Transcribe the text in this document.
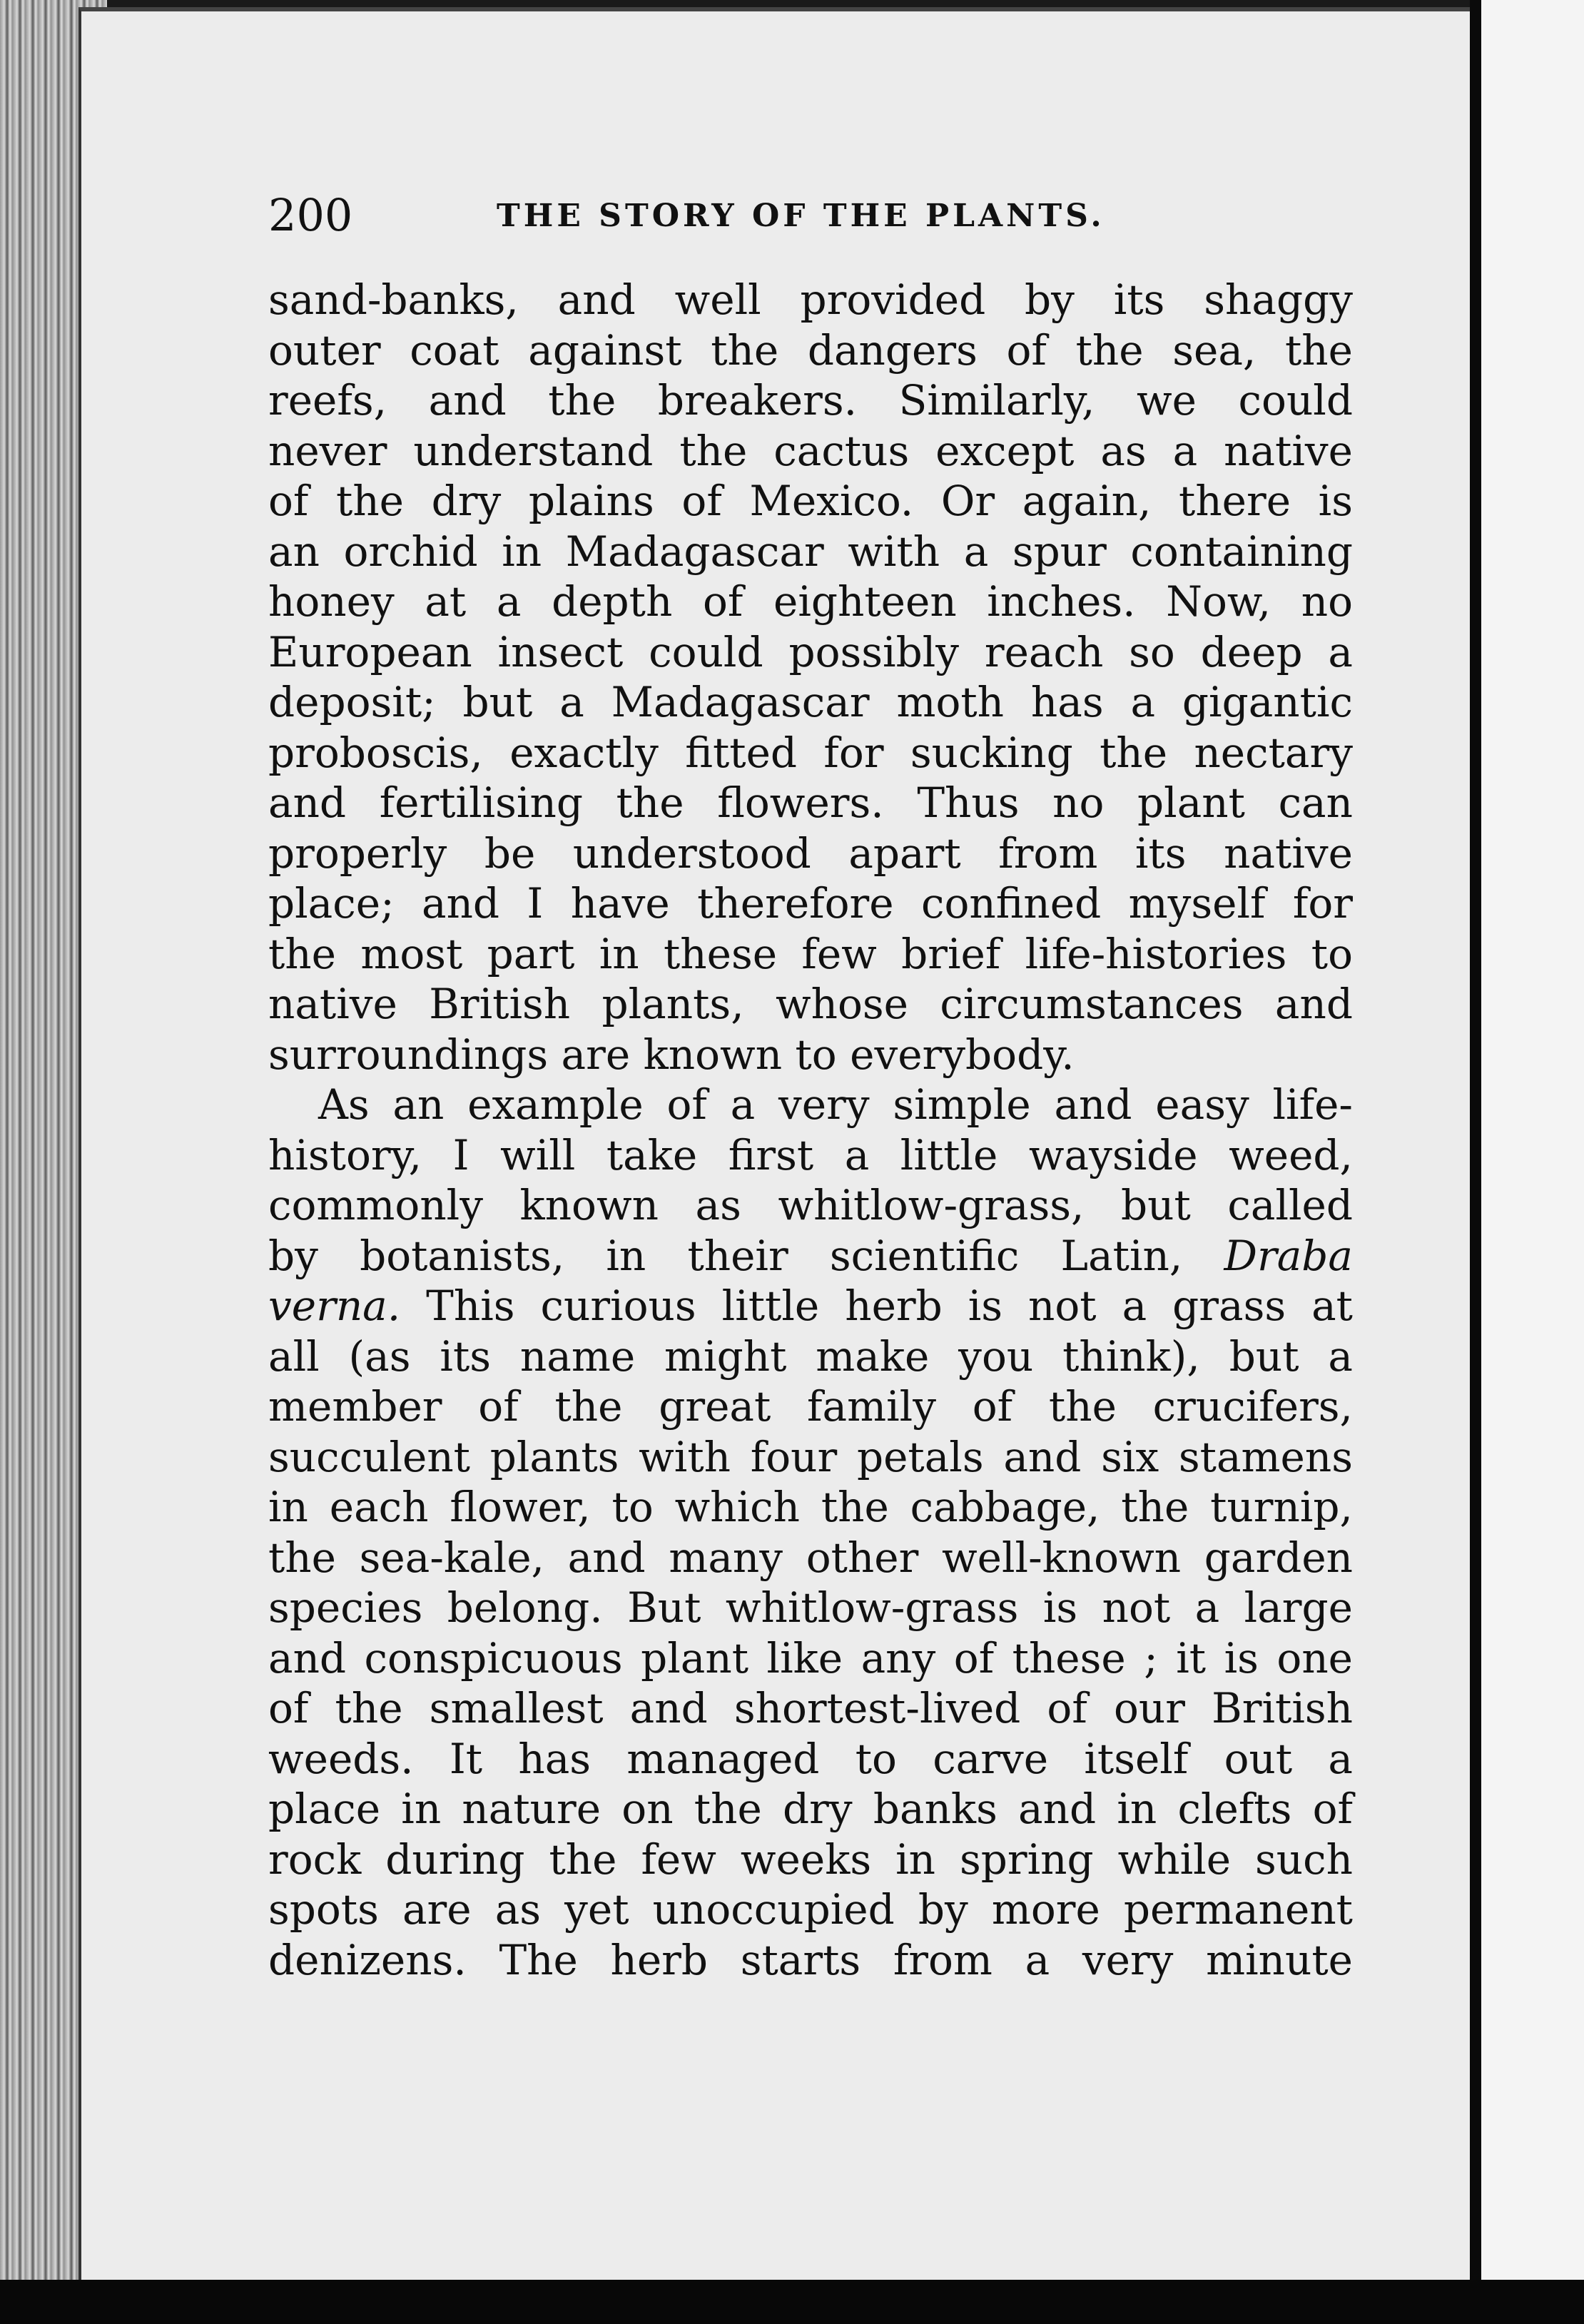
200	THE STORY OF THE PLANTS.
sand-banks, and well provided by its shaggy
outer coat against the dangers of the sea, the
reefs, and the breakers. Similarly, we could
never understand the cactus except as a native
of the dry plains of Mexico. Or again, there is
an orchid in Madagascar with a spur containing
honey at a depth of eighteen inches. Now, no
European insect could possibly reach so deep a
deposit; but a Madagascar moth has a gigantic
proboscis, exactly fitted for sucking the nectary
and fertilising the flowers. Thus no plant can
properly be understood apart from its native
place; and I have therefore confined myself for
the most part in these few brief life-histories to
native British plants, whose circumstances and
surroundings are known to everybody.
As an example of a very simple and easy life-
history, I will take first a little wayside weed,
commonly known as whitlow-grass, but called
by botanists, in their scientific Latin, Draba
verna. This curious little herb is not a grass at
all (as its name might make you think), but a
member of the great family of the crucifers,
succulent plants with four petals and six stamens
in each flower, to which the cabbage, the turnip,
the sea-kale, and many other well-known garden
species belong. But whitlow-grass is not a large
and conspicuous plant like any of these ; it is one
of the smallest and shortest-lived of our British
weeds. It has managed to carve itself out a
place in nature on the dry banks and in clefts of
rock during the few weeks in spring while such
spots are as yet unoccupied by more permanent
denizens. The herb starts from a very minute
